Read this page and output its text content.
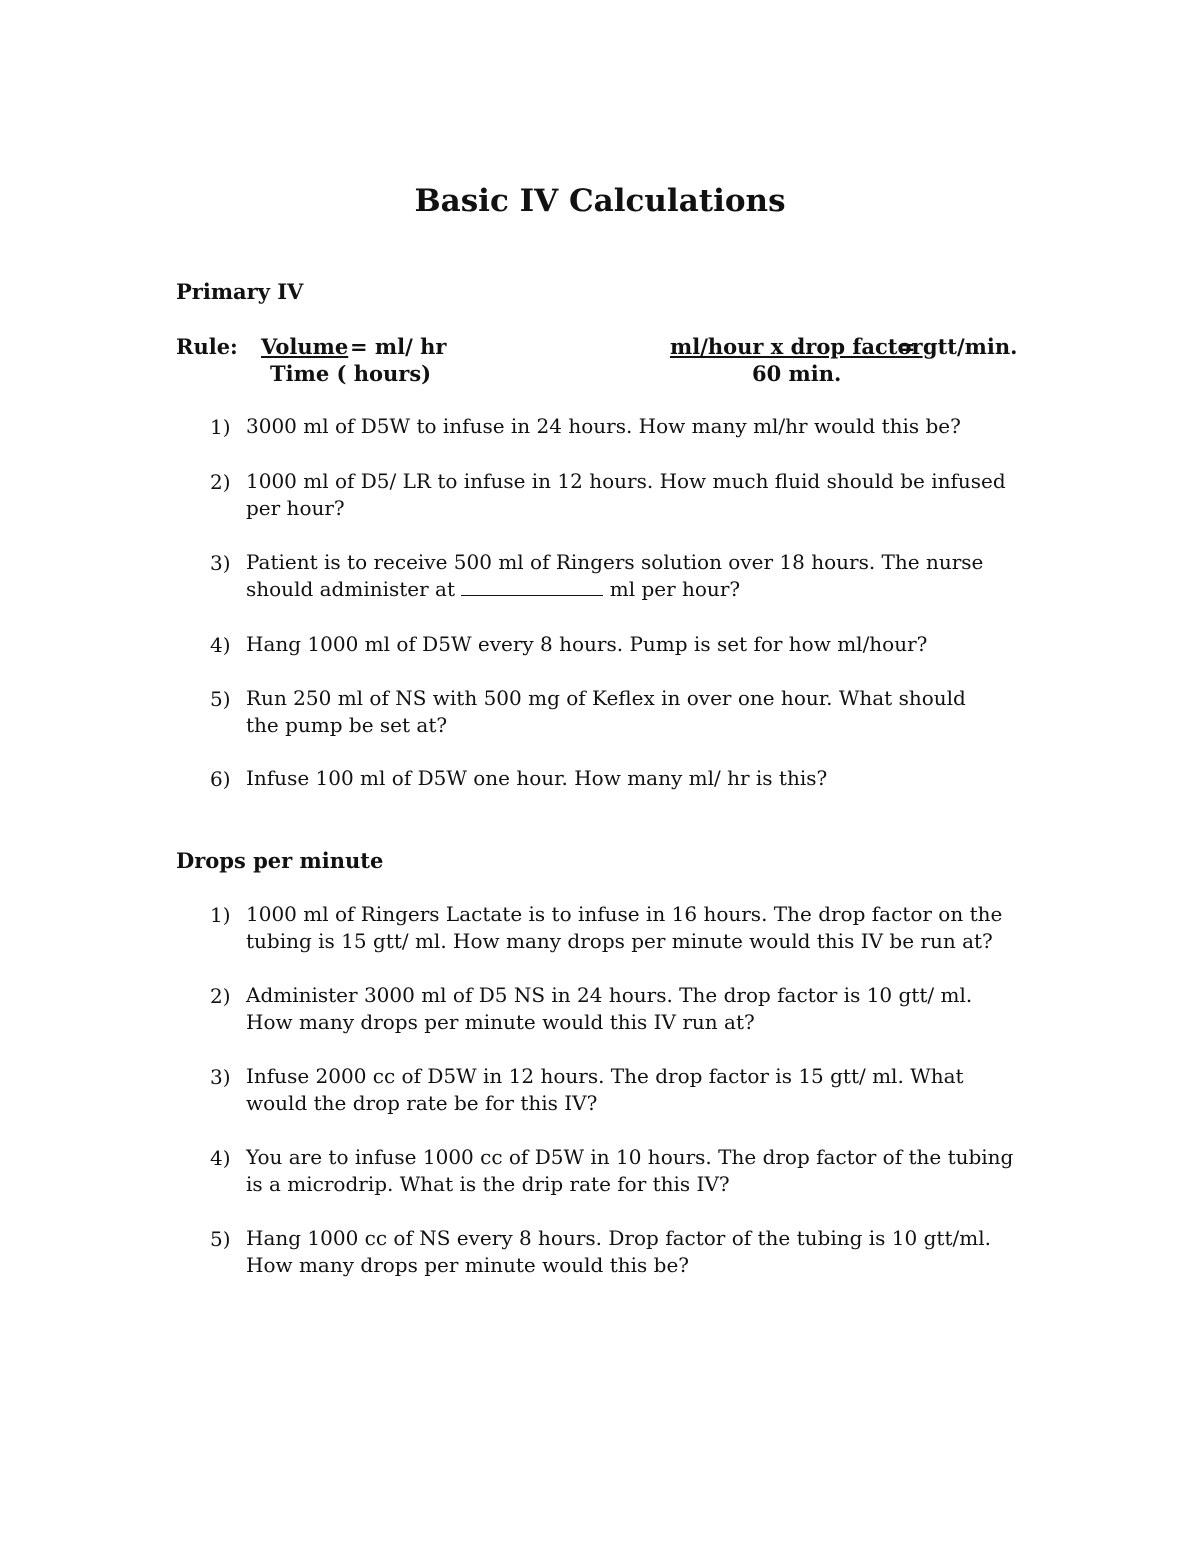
Basic IV Calculations
Primary IV
Rule: Volume = ml/ hr
Time ( hours)
ml/hour x drop factor
= gtt/min.
60 min.
1) 3000 ml of D5W to infuse in 24 hours. How many ml/hr would this be?
2) 1000 ml of D5/ LR to infuse in 12 hours. How much fluid should be infused per hour?
3) Patient is to receive 500 ml of Ringers solution over 18 hours. The nurse should administer at	ml per hour?
4) Hang 1000 ml of D5W every 8 hours. Pump is set for how ml/hour?
5) Run 250 ml of NS with 500 mg of Keflex in over one hour. What should the pump be set at?
6) Infuse 100 ml of D5W one hour. How many ml/ hr is this?
Drops per minute
1) 1000 ml of Ringers Lactate is to infuse in 16 hours. The drop factor on the tubing is 15 gtt/ ml. How many drops per minute would this IV be run at?
2) Administer 3000 ml of D5 NS in 24 hours. The drop factor is 10 gtt/ ml. How many drops per minute would this IV run at?
3) Infuse 2000 cc of D5W in 12 hours. The drop factor is 15 gtt/ ml. What would the drop rate be for this IV?
4) You are to infuse 1000 cc of D5W in 10 hours. The drop factor of the tubing is a microdrip. What is the drip rate for this IV?
5) Hang 1000 cc of NS every 8 hours. Drop factor of the tubing is 10 gtt/ml.
How many drops per minute would this be?
